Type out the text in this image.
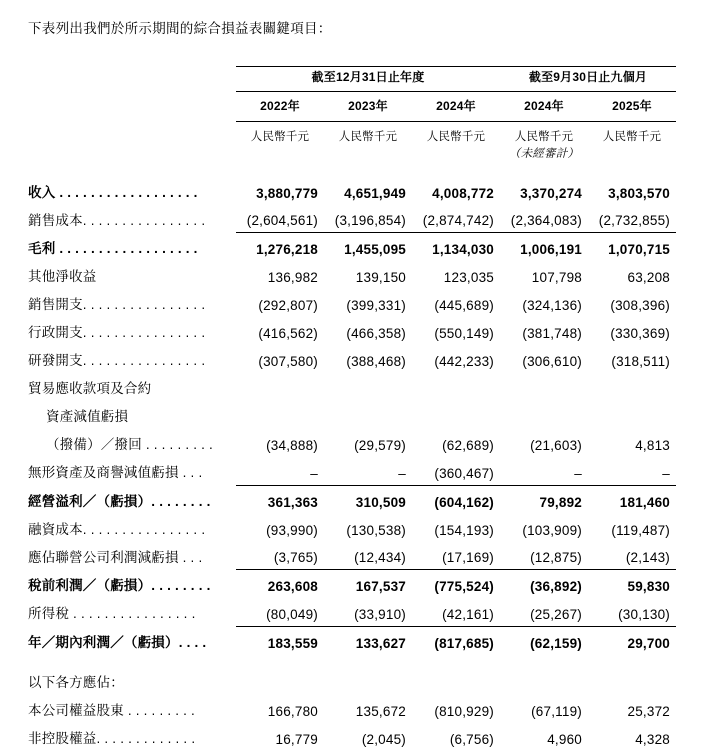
下表列出我們於所示期間的綜合損益表關鍵項目：

	截至12月31日止年度			截至9月30日止九個月	

	2022年	2023年	2024年	2024年	2025年

	人民幣千元	人民幣千元	人民幣千元	人民幣千元	人民幣千元
				（未經審計）	

收入 . . . . . . . . . . . . . . . . . .	3,880,779	4,651,949	4,008,772	3,370,274	3,803,570
銷售成本. . . . . . . . . . . . . . . .	(2,604,561)	(3,196,854)	(2,874,742)	(2,364,083)	(2,732,855)

毛利 . . . . . . . . . . . . . . . . . .	1,276,218	1,455,095	1,134,030	1,006,191	1,070,715
其他淨收益	136,982	139,150	123,035	107,798	63,208
銷售開支. . . . . . . . . . . . . . . .	(292,807)	(399,331)	(445,689)	(324,136)	(308,396)
行政開支. . . . . . . . . . . . . . . .	(416,562)	(466,358)	(550,149)	(381,748)	(330,369)
研發開支. . . . . . . . . . . . . . . .	(307,580)	(388,468)	(442,233)	(306,610)	(318,511)
貿易應收款項及合約					
資產減值虧損					
（撥備）／撥回 . . . . . . . . .	(34,888)	(29,579)	(62,689)	(21,603)	4,813
無形資產及商譽減值虧損 . . .	–	–	(360,467)	–	–

經營溢利／（虧損）. . . . . . . .	361,363	310,509	(604,162)	79,892	181,460
融資成本. . . . . . . . . . . . . . . .	(93,990)	(130,538)	(154,193)	(103,909)	(119,487)
應佔聯營公司利潤減虧損 . . .	(3,765)	(12,434)	(17,169)	(12,875)	(2,143)

稅前利潤／（虧損）. . . . . . . .	263,608	167,537	(775,524)	(36,892)	59,830
所得稅 . . . . . . . . . . . . . . . .	(80,049)	(33,910)	(42,161)	(25,267)	(30,130)

年／期內利潤／（虧損）. . . .	183,559	133,627	(817,685)	(62,159)	29,700

以下各方應佔：					
本公司權益股東 . . . . . . . . .	166,780	135,672	(810,929)	(67,119)	25,372
非控股權益. . . . . . . . . . . . .	16,779	(2,045)	(6,756)	4,960	4,328
